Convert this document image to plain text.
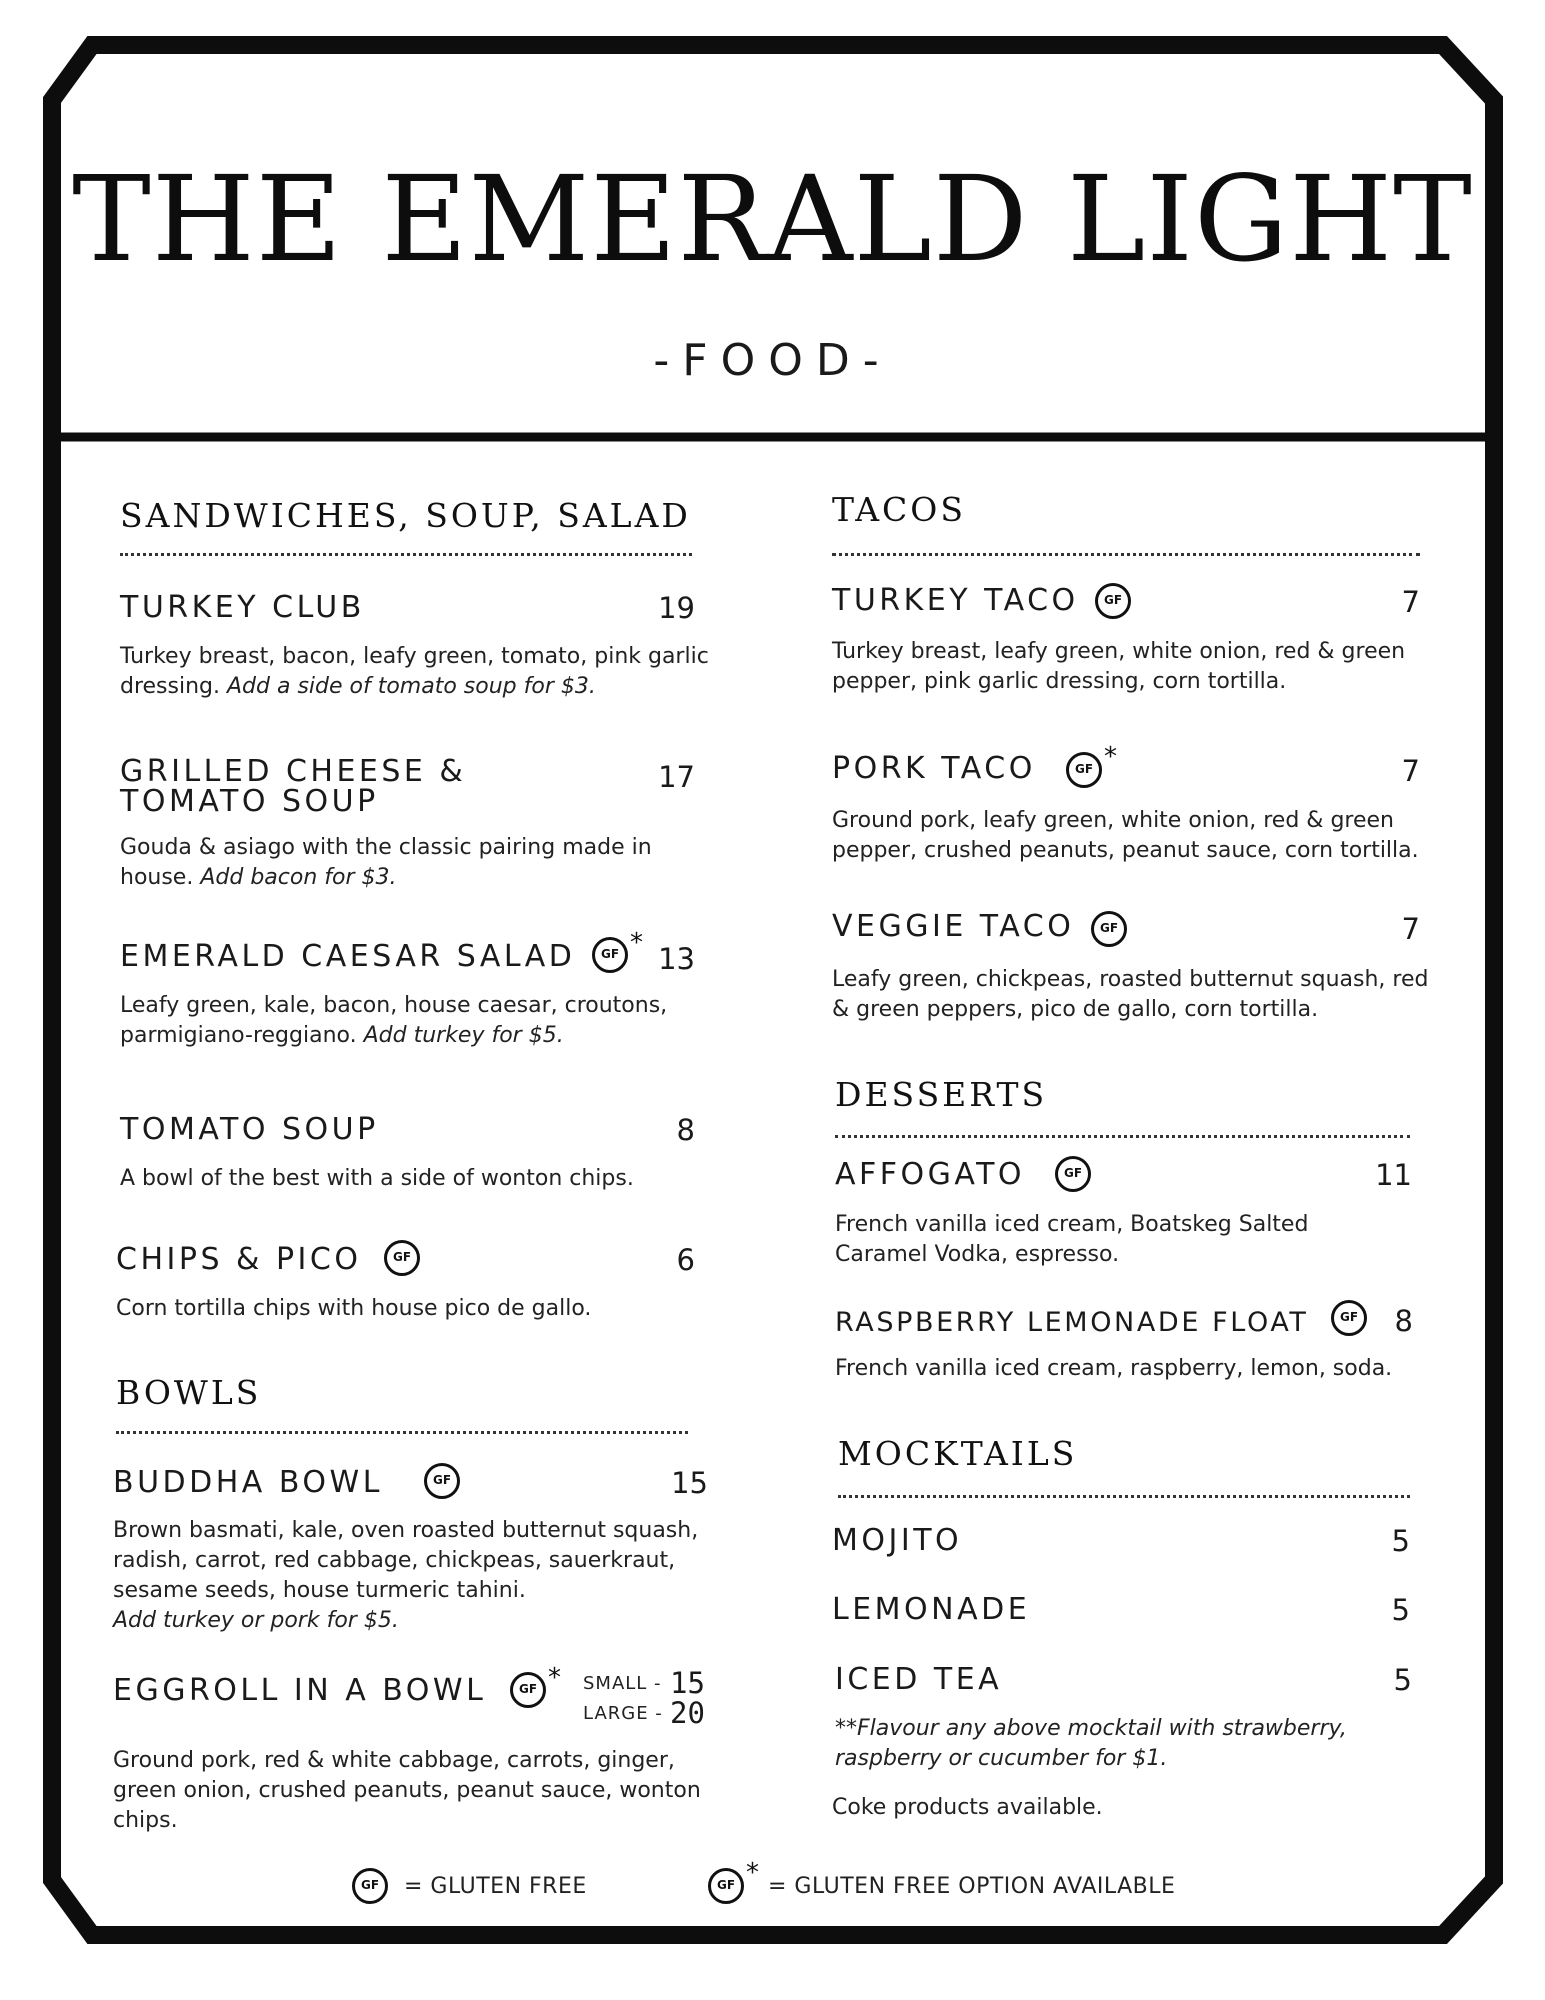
THE EMERALD LIGHT
-FOOD-
SANDWICHES, SOUP, SALAD
TURKEY CLUB	19
Turkey breast, bacon, leafy green, tomato, pink garlic dressing. Add a side of tomato soup for $3.
GRILLED CHEESE &
TOMATO SOUP
17
Gouda & asiago with the classic pairing made in house. Add bacon for $3.
EMERALD CAESAR SALAD	GF * 13
Leafy green, kale, bacon, house caesar, croutons, parmigiano-reggiano. Add turkey for $5.
TOMATO SOUP	8
A bowl of the best with a side of wonton chips.
CHIPS & PICO	GF	6
Corn tortilla chips with house pico de gallo.
BOWLS
BUDDHA BOWL	GF	15
Brown basmati, kale, oven roasted butternut squash, radish, carrot, red cabbage, chickpeas, sauerkraut, sesame seeds, house turmeric tahini.
Add turkey or pork for $5.
EGGROLL IN A BOWL	GF * SMALL - 15
LARGE - 20
Ground pork, red & white cabbage, carrots, ginger, green onion, crushed peanuts, peanut sauce, wonton chips.
TACOS
TURKEY TACO	GF	7
Turkey breast, leafy green, white onion, red & green pepper, pink garlic dressing, corn tortilla.
PORK TACO	GF *	7
Ground pork, leafy green, white onion, red & green pepper, crushed peanuts, peanut sauce, corn tortilla.
VEGGIE TACO	GF	7
Leafy green, chickpeas, roasted butternut squash, red & green peppers, pico de gallo, corn tortilla.
DESSERTS
AFFOGATO	GF	11
French vanilla iced cream, Boatskeg Salted Caramel Vodka, espresso.
RASPBERRY LEMONADE FLOAT	GF	8
French vanilla iced cream, raspberry, lemon, soda.
MOCKTAILS
MOJITO	5
LEMONADE	5
ICED TEA	5
**Flavour any above mocktail with strawberry, raspberry or cucumber for $1.
Coke products available.
GF = GLUTEN FREE	GF * = GLUTEN FREE OPTION AVAILABLE
